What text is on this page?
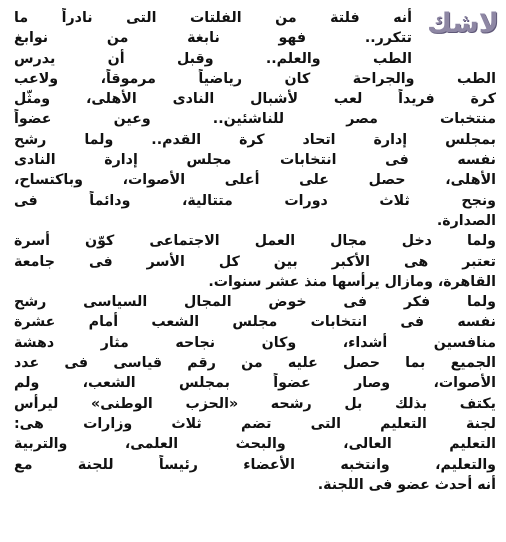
لاشك
أنه فلتة من الفلتات التى نادراً ما
تتكرر.. فهو نابغة من نوابغ
الطب والعلم.. وقبل أن يدرس
الطب والجراحة كان رياضياً مرموقاً، ولاعب
كرة فريداً لعب لأشبال النادى الأهلى، ومثّل
منتخبات مصر للناشئين.. وعين عضواً
بمجلس إدارة اتحاد كرة القدم.. ولما رشح
نفسه فى انتخابات مجلس إدارة النادى
الأهلى، حصل على أعلى الأصوات، وباكتساح،
ونجح ثلاث دورات متتالية، ودائماً فى
الصدارة.
ولما دخل مجال العمل الاجتماعى كوّن أسرة
تعتبر هى الأكبر بين كل الأسر فى جامعة
القاهرة، ومازال يرأسها منذ عشر سنوات.
ولما فكر فى خوض المجال السياسى رشح
نفسه فى انتخابات مجلس الشعب أمام عشرة
منافسين أشداء، وكان نجاحه مثار دهشة
الجميع بما حصل عليه من رقم قياسى فى عدد
الأصوات، وصار عضواً بمجلس الشعب، ولم
يكتف بذلك بل رشحه «الحزب الوطنى» ليرأس
لجنة التعليم التى تضم ثلاث وزارات هى:
التعليم العالى، والبحث العلمى، والتربية
والتعليم، وانتخبه الأعضاء رئيساً للجنة مع
أنه أحدث عضو فى اللجنة.
